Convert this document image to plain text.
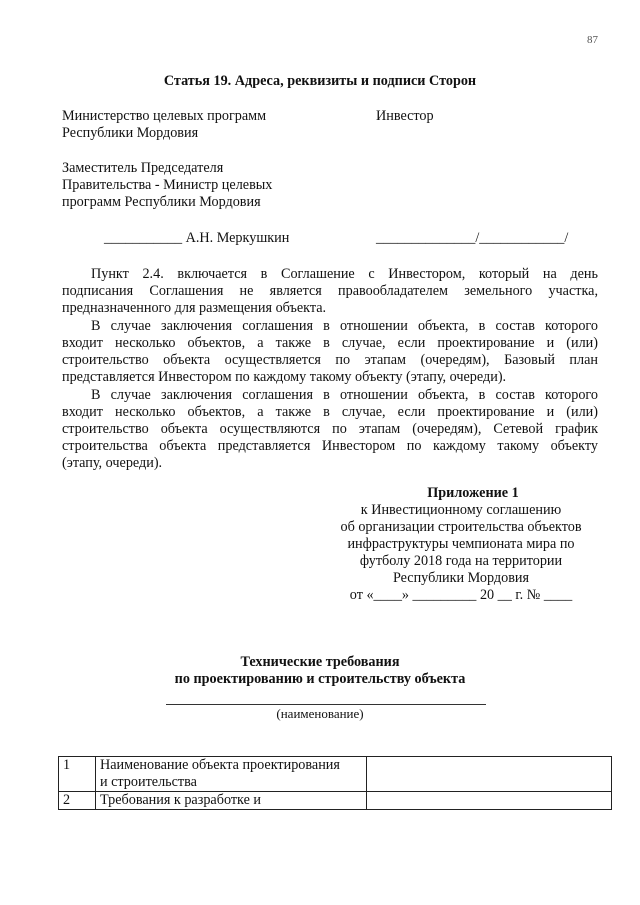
87
Статья 19. Адреса, реквизиты и подписи Сторон
Министерство целевых программ
Республики Мордовия
Инвестор
Заместитель Председателя
Правительства - Министр целевых
программ Республики Мордовия
___________ А.Н. Меркушкин	______________/____________/
Пункт 2.4. включается в Соглашение с Инвестором, который на день
подписания Соглашения не является правообладателем земельного участка,
предназначенного для размещения объекта.
В случае заключения соглашения в отношении объекта, в состав которого
входит несколько объектов, а также в случае, если проектирование и (или)
строительство объекта осуществляется по этапам (очередям), Базовый план
представляется Инвестором по каждому такому объекту (этапу, очереди).
В случае заключения соглашения в отношении объекта, в состав которого
входит несколько объектов, а также в случае, если проектирование и (или)
строительство объекта осуществляются по этапам (очередям), Сетевой график
строительства объекта представляется Инвестором по каждому такому объекту
(этапу, очереди).
Приложение 1
к Инвестиционному соглашению
об организации строительства объектов
инфраструктуры чемпионата мира по
футболу 2018 года на территории
Республики Мордовия
от «____» _________ 20 __ г. № ____
Технические требования
по проектированию и строительству объекта
(наименование)
1	Наименование объекта проектирования
и строительства	

2	Требования к разработке и	
